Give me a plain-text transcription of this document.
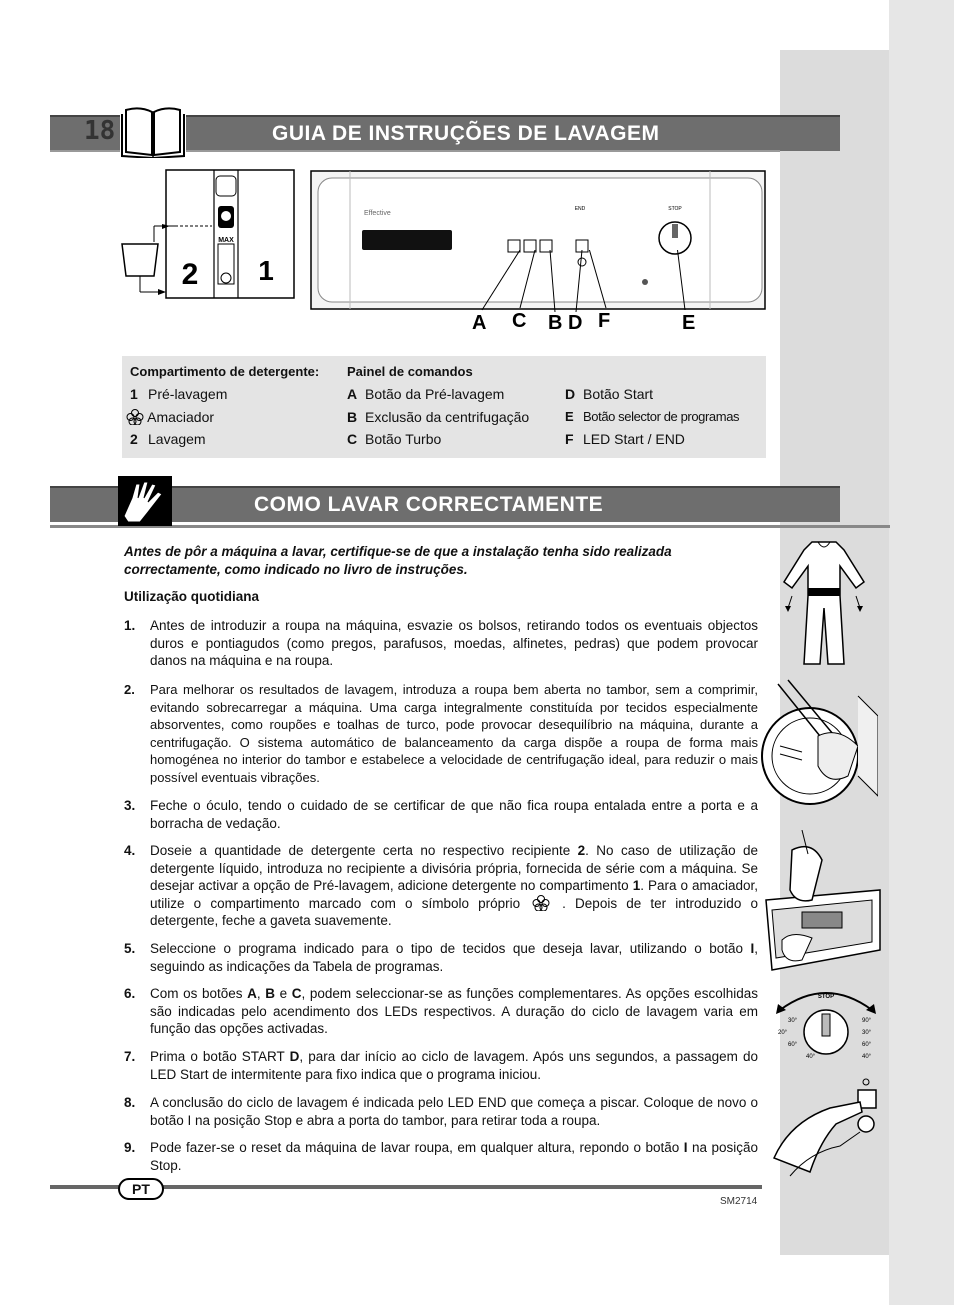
GUIA DE INSTRUÇÕES DE LAVAGEM
18
2 1
MAX
Effective
END	STOP
A C B D F	E
Compartimento de detergente:
1 Pré-lavagem
Amaciador
2 Lavagem
Painel de comandos
A Botão da Pré-lavagem
B Exclusão da centrifugação
C Botão Turbo
D Botão Start
E Botão selector de programas
F LED Start / END
COMO LAVAR CORRECTAMENTE
Antes de pôr a máquina a lavar, certifique-se de que a instalação tenha sido realizada correctamente, como indicado no livro de instruções.
Utilização quotidiana
1.	Antes de introduzir a roupa na máquina, esvazie os bolsos, retirando todos os eventuais objectos duros e pontiagudos (como pregos, parafusos, moedas, alfinetes, pedras) que podem provocar danos na máquina e na roupa.
2.	Para melhorar os resultados de lavagem, introduza a roupa bem aberta no tambor, sem a comprimir, evitando sobrecarregar a máquina. Uma carga integralmente constituída por tecidos especialmente absorventes, como roupões e toalhas de turco, pode provocar desequilíbrio na máquina, durante a centrifugação. O sistema automático de balanceamento da carga dispõe a roupa de forma mais homogénea no interior do tambor e estabelece a velocidade de centrifugação ideal, para reduzir o mais possível eventuais vibrações.
3.	Feche o óculo, tendo o cuidado de se certificar de que não fica roupa entalada entre a porta e a borracha de vedação.
4.	Doseie a quantidade de detergente certa no respectivo recipiente 2. No caso de utilização de detergente líquido, introduza no recipiente a divisória própria, fornecida de série com a máquina. Se desejar activar a opção de Pré-lavagem, adicione detergente no compartimento 1. Para o amaciador, utilize o compartimento marcado com o símbolo próprio	. Depois de ter introduzido o detergente, feche a gaveta suavemente.
5.	Seleccione o programa indicado para o tipo de tecidos que deseja lavar, utilizando o botão I, seguindo as indicações da Tabela de programas.
6.	Com os botões A, B e C, podem seleccionar-se as funções complementares. As opções escolhidas são indicadas pelo acendimento dos LEDs respectivos. A duração do ciclo de lavagem varia em função das opções activadas.
7.	Prima o botão START D, para dar início ao ciclo de lavagem. Após uns segundos, a passagem do LED Start de intermitente para fixo indica que o programa iniciou.
8.	A conclusão do ciclo de lavagem é indicada pelo LED END que começa a piscar. Coloque de novo o botão I na posição Stop e abra a porta do tambor, para retirar toda a roupa.
9.	Pode fazer-se o reset da máquina de lavar roupa, em qualquer altura, repondo o botão I na posição Stop.
STOP
20°
40°
90°
30°
60°
40°
60°
30°
PT
SM2714
